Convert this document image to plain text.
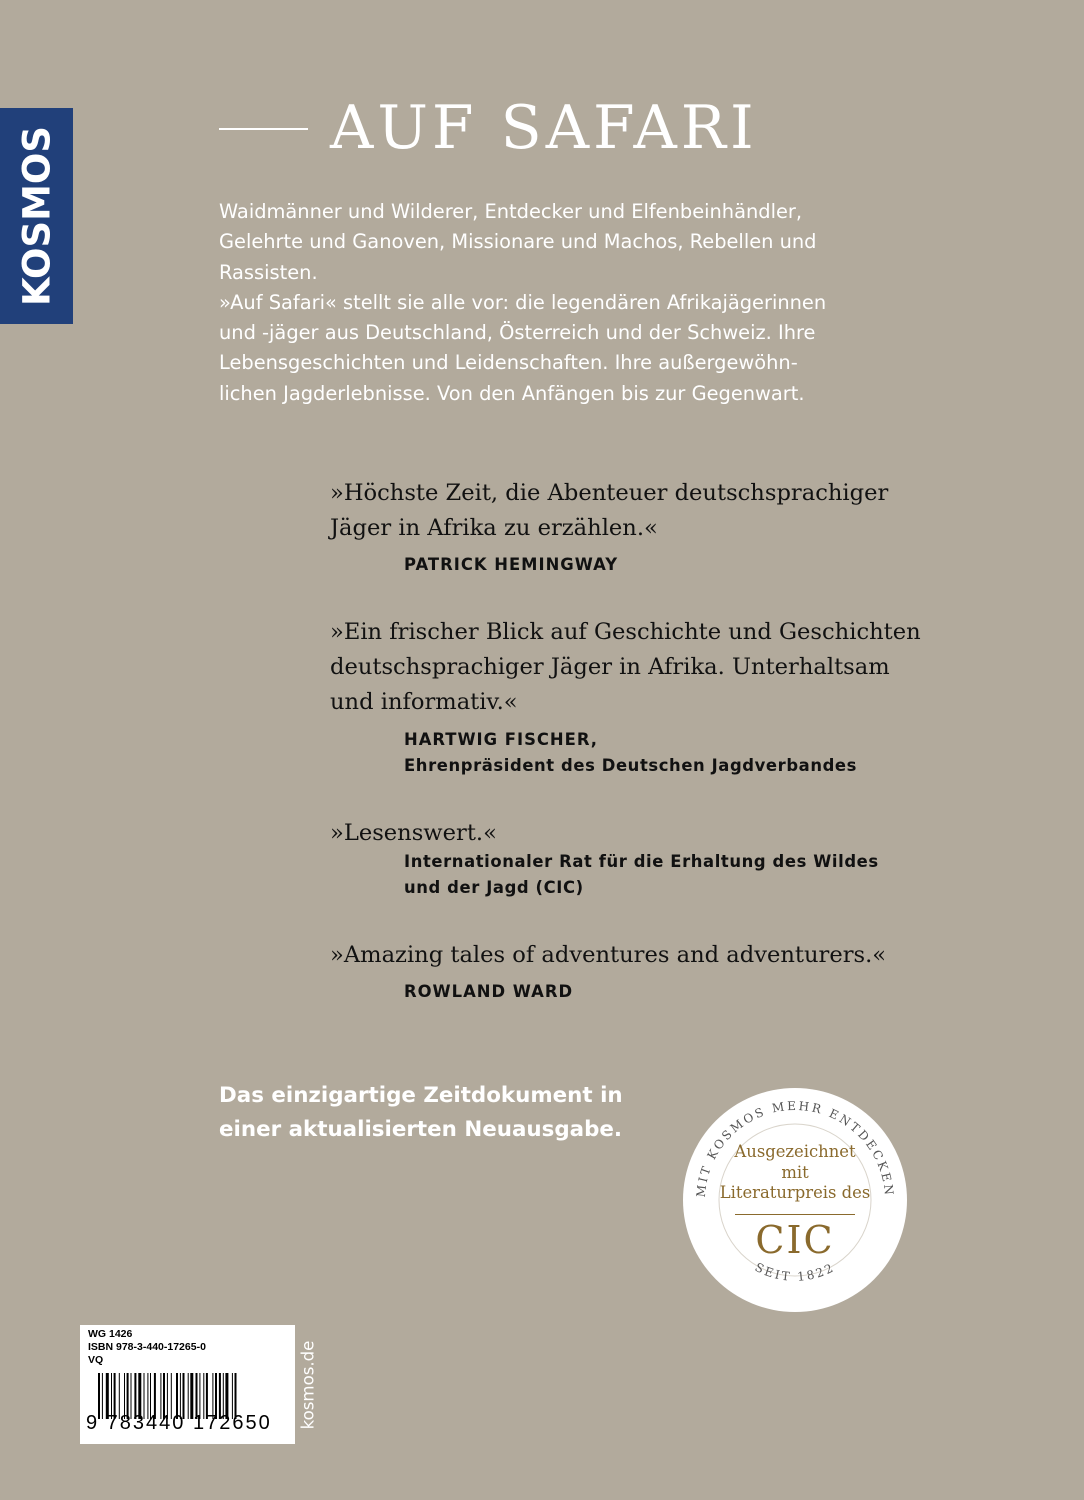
KOSMOS	AUF SAFARI
Waidmänner und Wilderer, Entdecker und Elfenbeinhändler,
Gelehrte und Ganoven, Missionare und Machos, Rebellen und
Rassisten.
»Auf Safari« stellt sie alle vor: die legendären Afrikajägerinnen
und -jäger aus Deutschland, Österreich und der Schweiz. Ihre
Lebensgeschichten und Leidenschaften. Ihre außergewöhn-
lichen Jagderlebnisse. Von den Anfängen bis zur Gegenwart.
»Höchste Zeit, die Abenteuer deutschsprachiger
Jäger in Afrika zu erzählen.«
PATRICK HEMINGWAY
»Ein frischer Blick auf Geschichte und Geschichten
deutschsprachiger Jäger in Afrika. Unterhaltsam
und informativ.«
HARTWIG FISCHER,
Ehrenpräsident des Deutschen Jagdverbandes
»Lesenswert.«
Internationaler Rat für die Erhaltung des Wildes
und der Jagd (CIC)
»Amazing tales of adventures and adventurers.«
ROWLAND WARD
Das einzigartige Zeitdokument in
einer aktualisierten Neuausgabe.
MIT KOSMOS MEHR ENTDECKEN
SEIT 1822
Ausgezeichnet
mit
Literaturpreis des
CIC
WG 1426
ISBN 978-3-440-17265-0
VQ
9 783440 172650 kosmos.de
